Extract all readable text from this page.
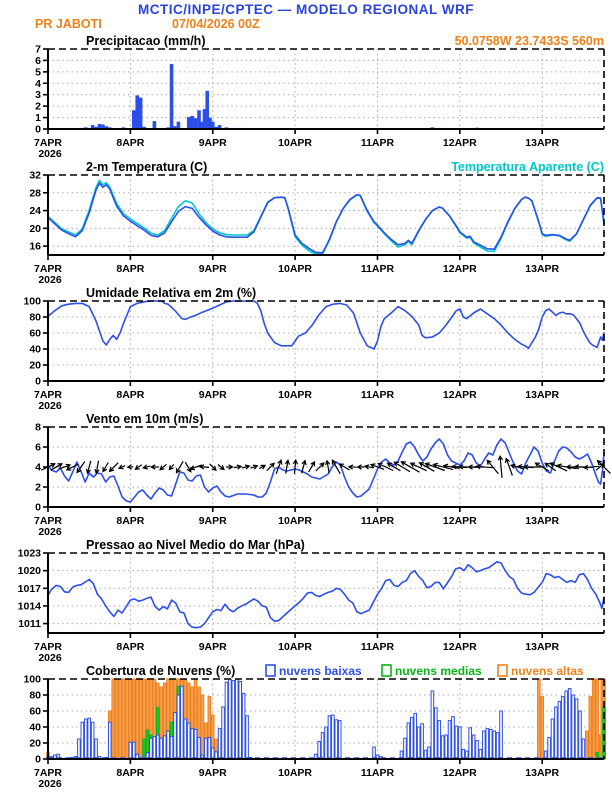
MCTIC/INPE/CPTEC — MODELO REGIONAL WRF
PR JABOTI	07/04/2026 00Z
0
1
2
3
4
5
6
7
7APR
2026
8APR	9APR	10APR	11APR	12APR	13APR
Precipitacao (mm/h)	50.0758W 23.7433S 560m
16
20
24
28
32
7APR
2026
8APR	9APR	10APR	11APR	12APR	13APR
2-m Temperatura (C)	Temperatura Aparente (C)
0
20
40
60
80
100
7APR
2026
8APR	9APR	10APR	11APR	12APR	13APR
Umidade Relativa em 2m (%)
0
2
4
6
8
7APR
2026
8APR	9APR	10APR	11APR	12APR	13APR
Vento em 10m (m/s)
1011
1014
1017
1020
1023
7APR
2026
8APR	9APR	10APR	11APR	12APR	13APR
Pressao ao Nivel Medio do Mar (hPa)
0
20
40
60
80
100
7APR
2026
8APR	9APR	10APR	11APR	12APR	13APR
Cobertura de Nuvens (%)	nuvens baixas	nuvens medias nuvens altas
